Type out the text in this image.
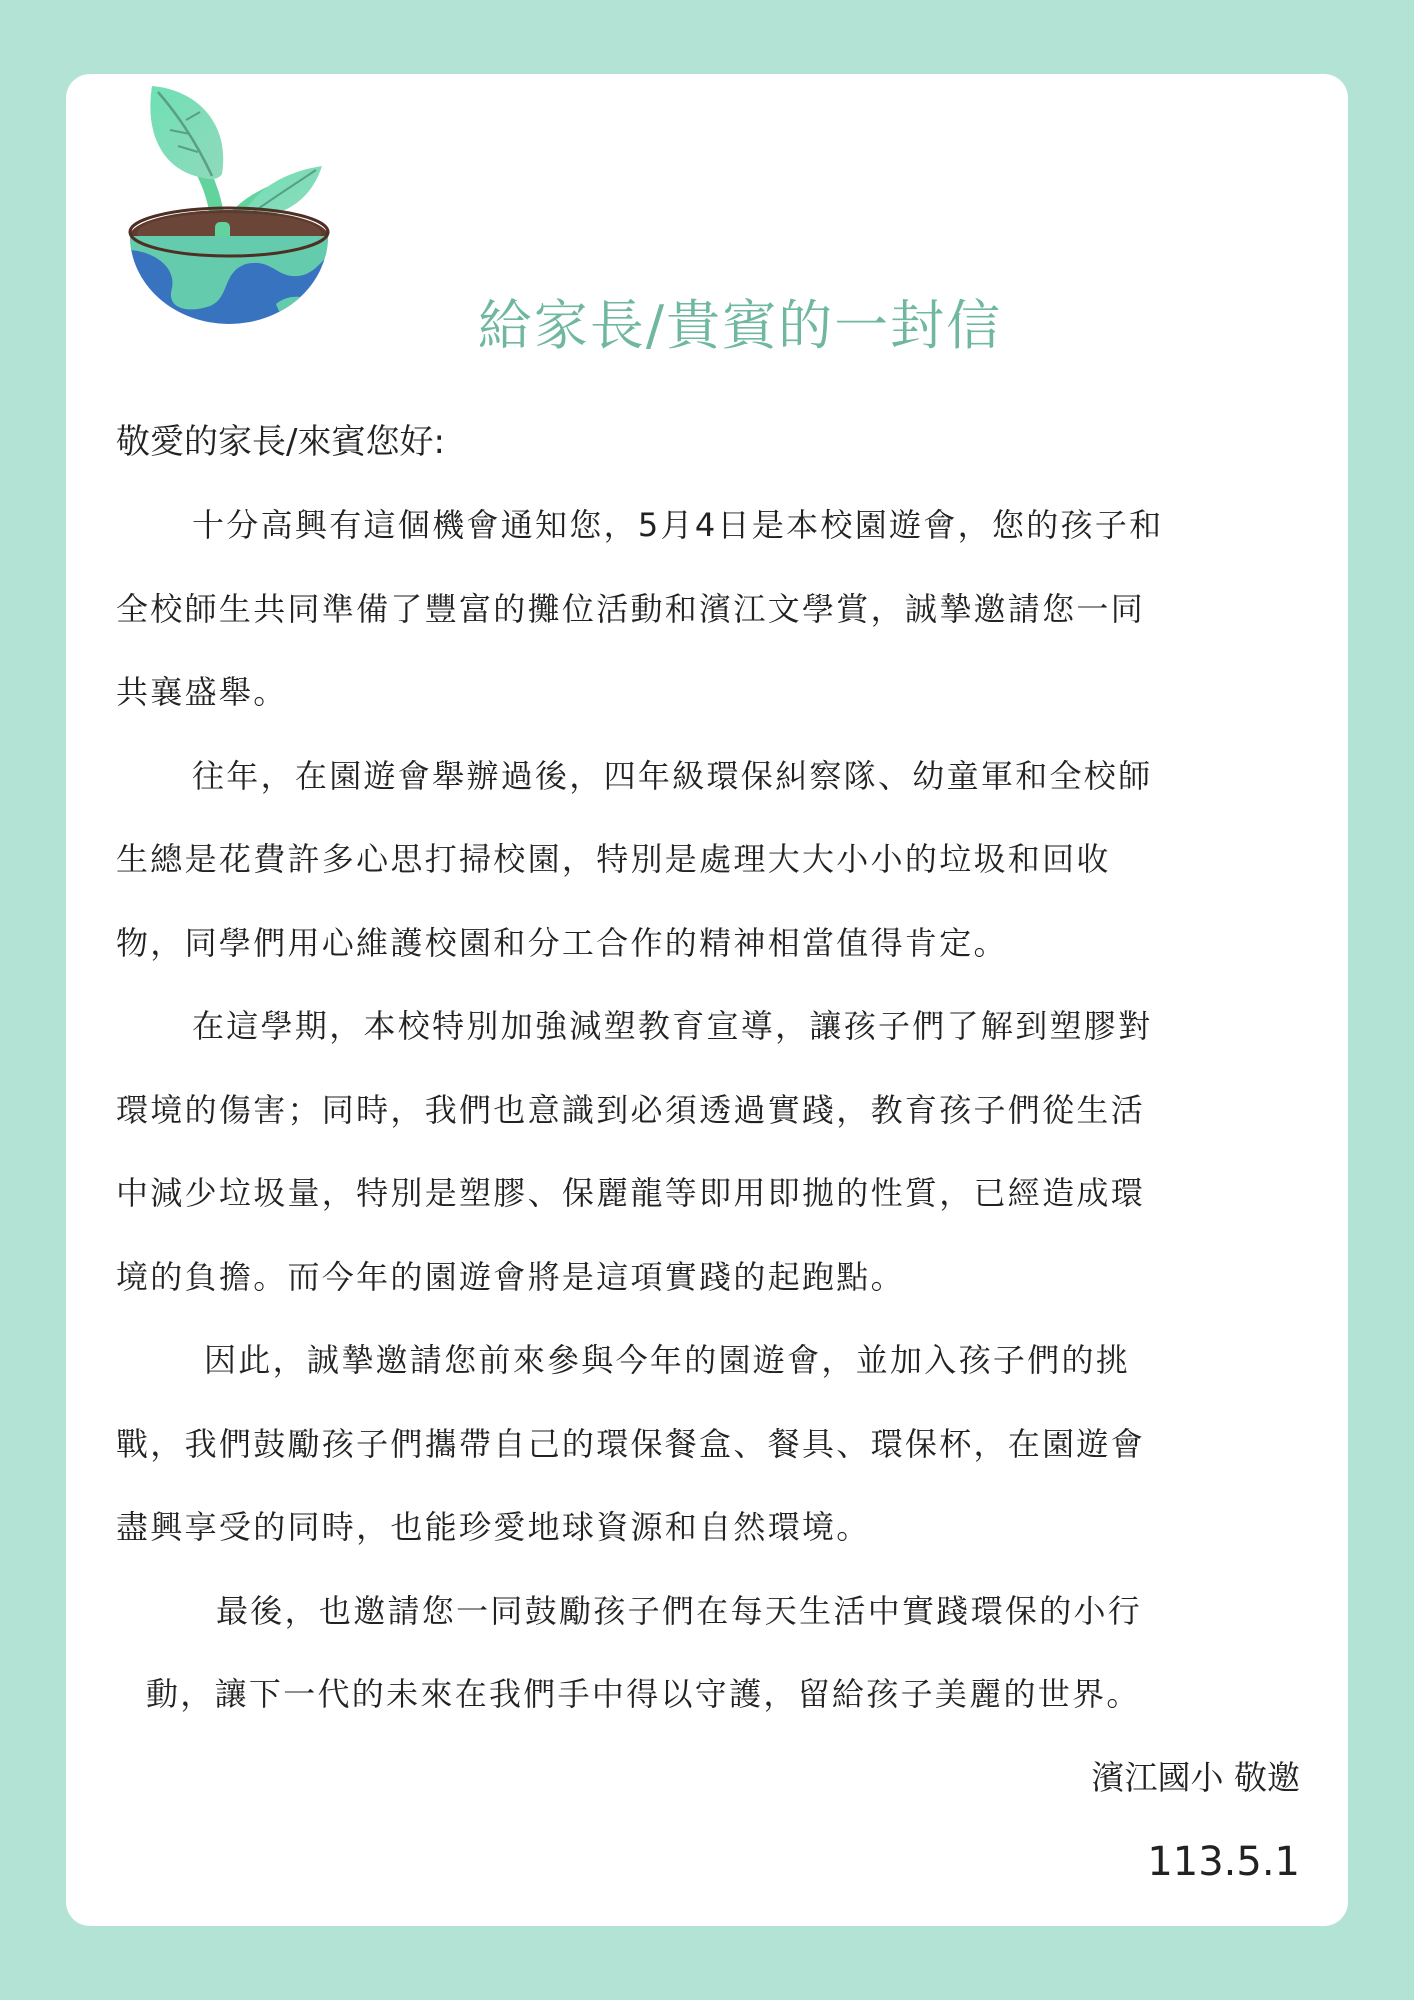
給家長/貴賓的一封信

敬愛的家長/來賓您好:

十分高興有這個機會通知您，5月4日是本校園遊會，您的孩子和
全校師生共同準備了豐富的攤位活動和濱江文學賞，誠摯邀請您一同
共襄盛舉。

往年，在園遊會舉辦過後，四年級環保糾察隊、幼童軍和全校師
生總是花費許多心思打掃校園，特別是處理大大小小的垃圾和回收
物，同學們用心維護校園和分工合作的精神相當值得肯定。

在這學期，本校特別加強減塑教育宣導，讓孩子們了解到塑膠對
環境的傷害；同時，我們也意識到必須透過實踐，教育孩子們從生活
中減少垃圾量，特別是塑膠、保麗龍等即用即拋的性質，已經造成環
境的負擔。而今年的園遊會將是這項實踐的起跑點。

因此，誠摯邀請您前來參與今年的園遊會，並加入孩子們的挑
戰，我們鼓勵孩子們攜帶自己的環保餐盒、餐具、環保杯，在園遊會
盡興享受的同時，也能珍愛地球資源和自然環境。

最後，也邀請您一同鼓勵孩子們在每天生活中實踐環保的小行
動，讓下一代的未來在我們手中得以守護，留給孩子美麗的世界。

濱江國小 敬邀

113.5.1
